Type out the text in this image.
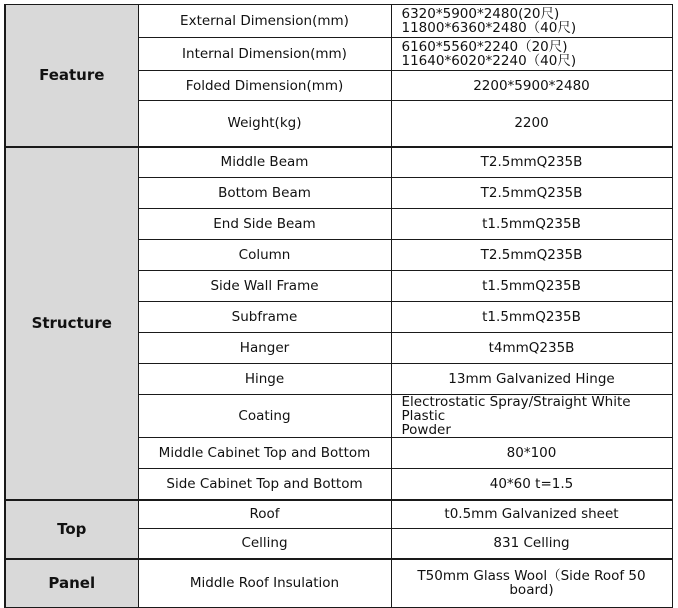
Feature	External Dimension(mm)	6320*5900*2480(20尺)
11800*6360*2480（40尺)

	Internal Dimension(mm)	6160*5560*2240（20尺)
11640*6020*2240（40尺)

	Folded Dimension(mm)	2200*5900*2480
	Weight(kg)	2200
Structure	Middle Beam	T2.5mmQ235B
	Bottom Beam	T2.5mmQ235B
	End Side Beam	t1.5mmQ235B
	Column	T2.5mmQ235B
	Side Wall Frame	t1.5mmQ235B
	Subframe	t1.5mmQ235B
	Hanger	t4mmQ235B
	Hinge	13mm Galvanized Hinge
	Coating	Electrostatic Spray/Straight White Plastic
Powder

	Middle Cabinet Top and Bottom	80*100
	Side Cabinet Top and Bottom	40*60 t=1.5
Top	Roof	t0.5mm Galvanized sheet
	Celling	831 Celling
Panel	Middle Roof Insulation	T50mm Glass Wool（Side Roof 50 board)
